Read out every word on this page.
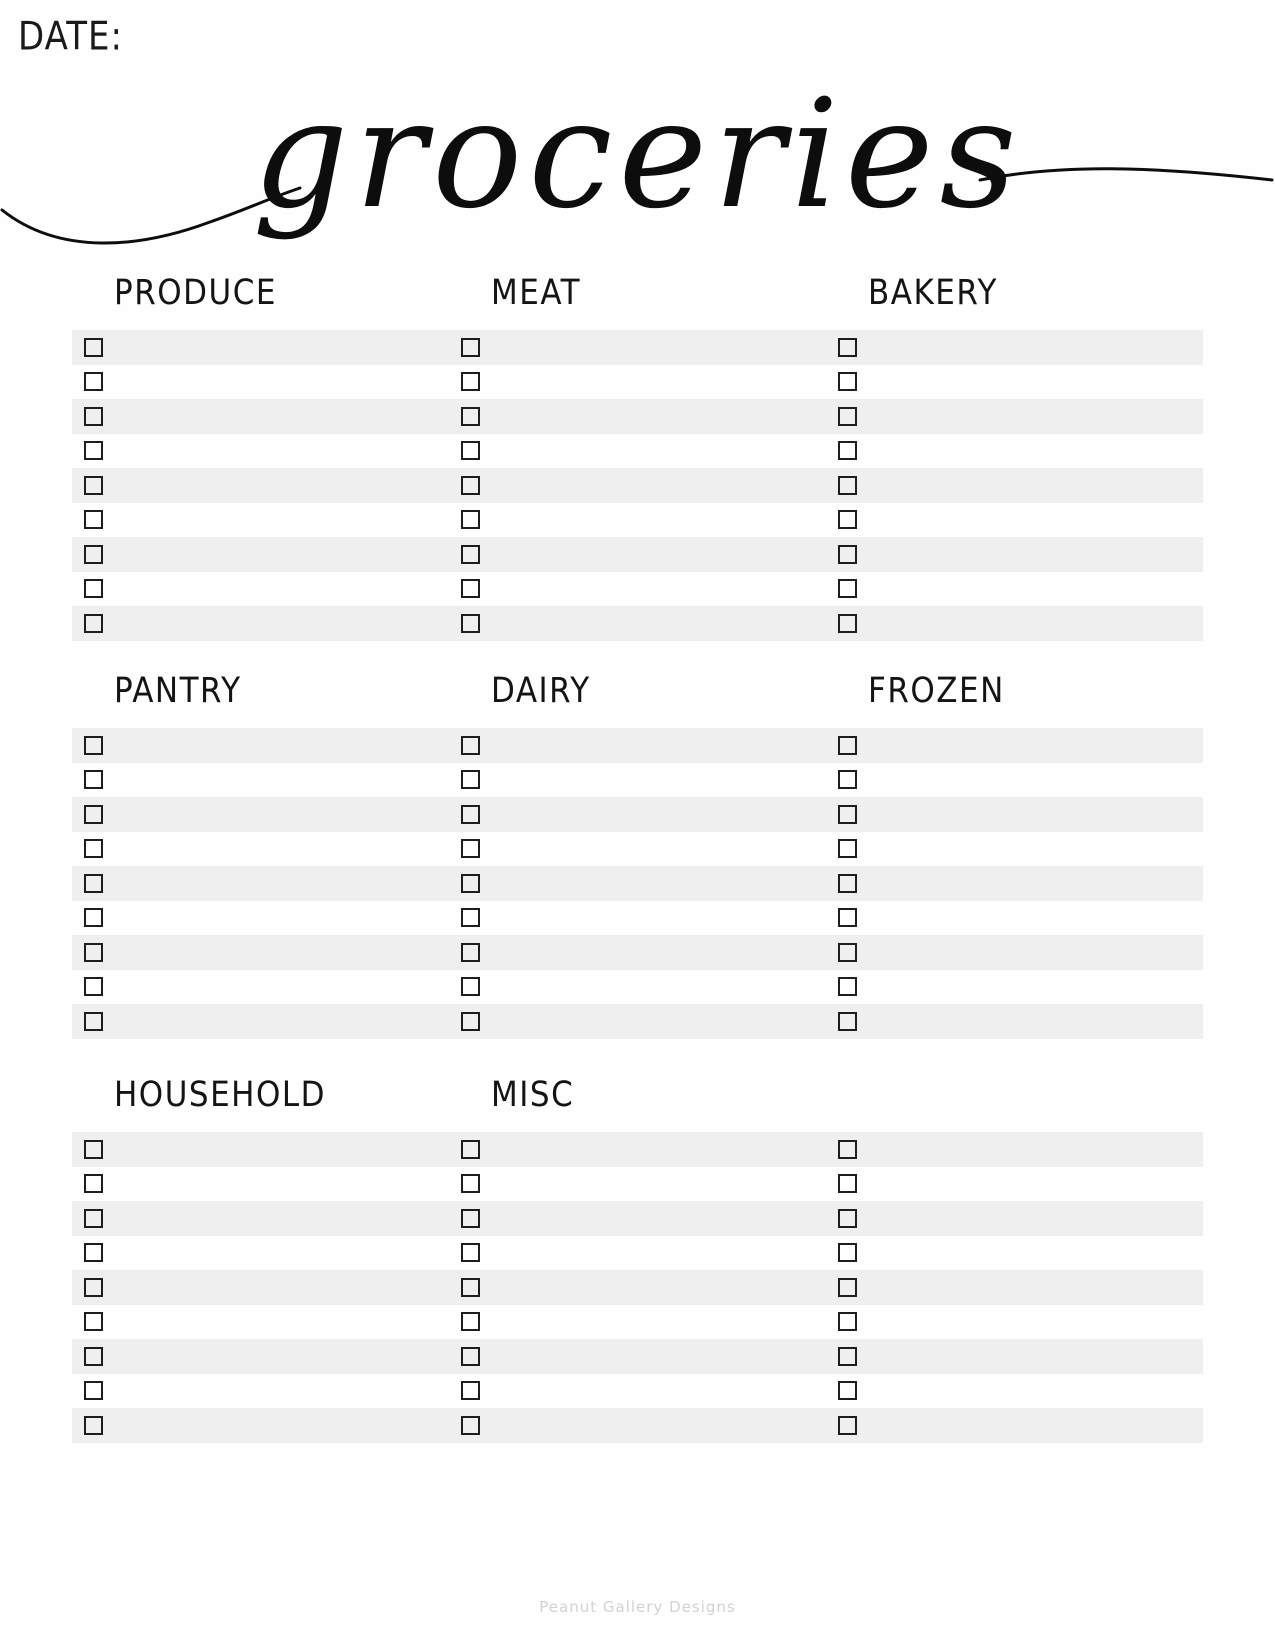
DATE:
groceries
PRODUCE	MEAT	BAKERY
PANTRY	DAIRY	FROZEN
HOUSEHOLD	MISC
Peanut Gallery Designs
